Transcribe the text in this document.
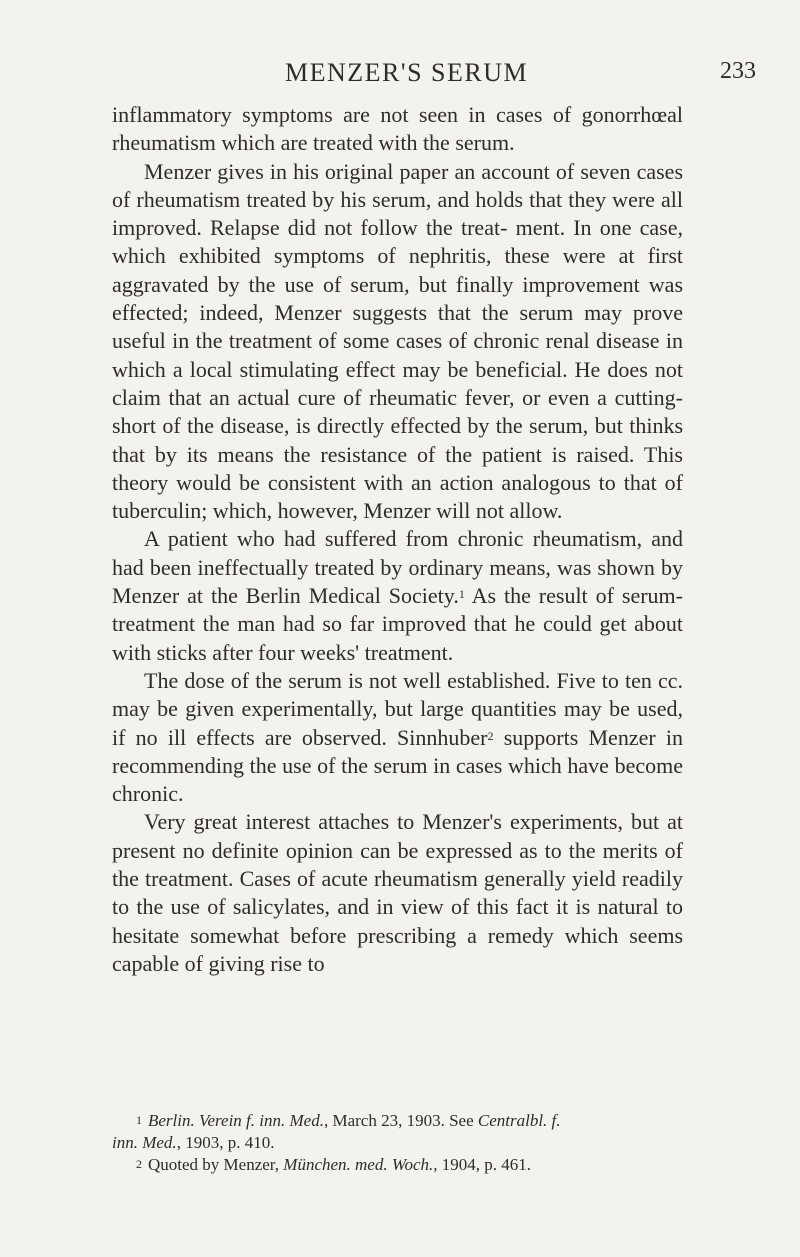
MENZER'S SERUM	233

inflammatory symptoms are not seen in cases of gonorrhœal rheumatism which are treated with the serum.

Menzer gives in his original paper an account of seven cases of rheumatism treated by his serum, and holds that they were all improved. Relapse did not follow the treat- ment. In one case, which exhibited symptoms of nephritis, these were at first aggravated by the use of serum, but finally improvement was effected; indeed, Menzer suggests that the serum may prove useful in the treatment of some cases of chronic renal disease in which a local stimulating effect may be beneficial. He does not claim that an actual cure of rheumatic fever, or even a cutting-short of the disease, is directly effected by the serum, but thinks that by its means the resistance of the patient is raised. This theory would be consistent with an action analogous to that of tuberculin; which, however, Menzer will not allow.

A patient who had suffered from chronic rheumatism, and had been ineffectually treated by ordinary means, was shown by Menzer at the Berlin Medical Society.$^1$ As the result of serum-treatment the man had so far improved that he could get about with sticks after four weeks' treatment.

The dose of the serum is not well established. Five to ten cc. may be given experimentally, but large quantities may be used, if no ill effects are observed. Sinnhuber$^2$ supports Menzer in recommending the use of the serum in cases which have become chronic.

Very great interest attaches to Menzer's experiments, but at present no definite opinion can be expressed as to the merits of the treatment. Cases of acute rheumatism generally yield readily to the use of salicylates, and in view of this fact it is natural to hesitate somewhat before prescribing a remedy which seems capable of giving rise to

1 Berlin. Verein f. inn. Med., March 23, 1903. See Centralbl. f.
inn. Med., 1903, p. 410.

2 Quoted by Menzer, München. med. Woch., 1904, p. 461.
